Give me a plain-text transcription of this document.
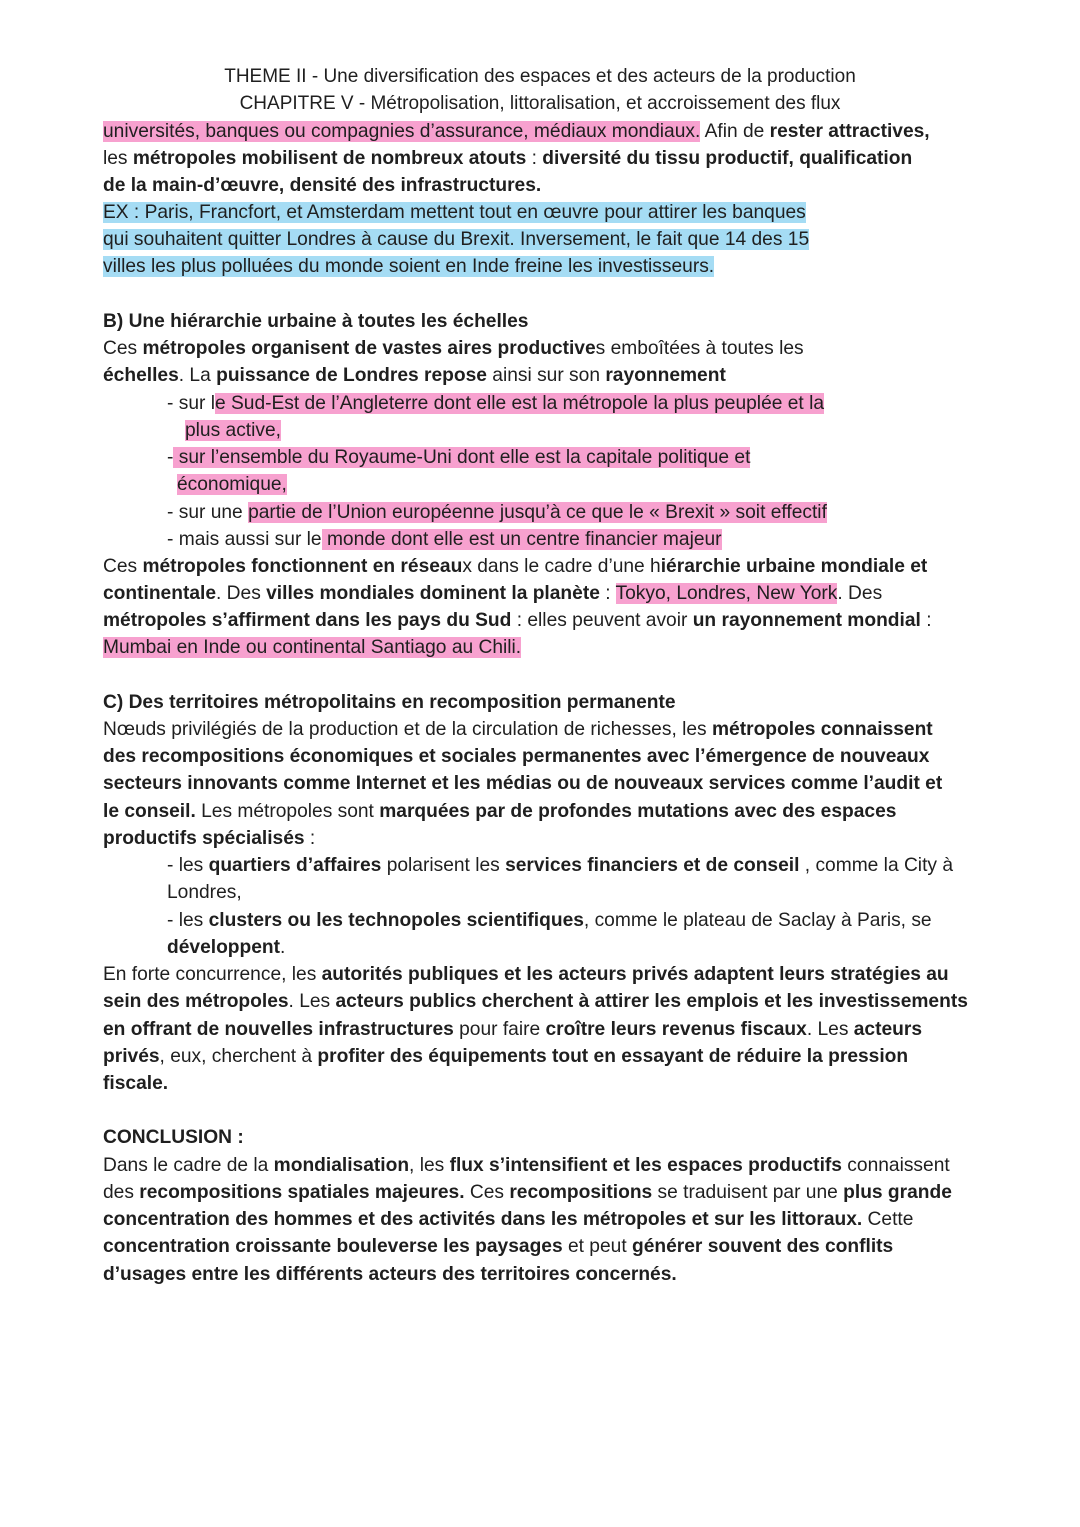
THEME II - Une diversification des espaces et des acteurs de la production
CHAPITRE V - Métropolisation, littoralisation, et accroissement des flux
universités, banques ou compagnies d’assurance, médiaux mondiaux. Afin de rester attractives,
les métropoles mobilisent de nombreux atouts : diversité du tissu productif, qualification
de la main-d’œuvre, densité des infrastructures.
EX : Paris, Francfort, et Amsterdam mettent tout en œuvre pour attirer les banques
qui souhaitent quitter Londres à cause du Brexit. Inversement, le fait que 14 des 15
villes les plus polluées du monde soient en Inde freine les investisseurs.
B) Une hiérarchie urbaine à toutes les échelles
Ces métropoles organisent de vastes aires productives emboîtées à toutes les
échelles. La puissance de Londres repose ainsi sur son rayonnement
- sur le Sud-Est de l’Angleterre dont elle est la métropole la plus peuplée et la
plus active,
- sur l’ensemble du Royaume-Uni dont elle est la capitale politique et
économique,
- sur une partie de l’Union européenne jusqu’à ce que le « Brexit » soit effectif
- mais aussi sur le monde dont elle est un centre financier majeur
Ces métropoles fonctionnent en réseaux dans le cadre d’une hiérarchie urbaine mondiale et
continentale. Des villes mondiales dominent la planète : Tokyo, Londres, New York. Des
métropoles s’affirment dans les pays du Sud : elles peuvent avoir un rayonnement mondial :
Mumbai en Inde ou continental Santiago au Chili.
C) Des territoires métropolitains en recomposition permanente
Nœuds privilégiés de la production et de la circulation de richesses, les métropoles connaissent
des recompositions économiques et sociales permanentes avec l’émergence de nouveaux
secteurs innovants comme Internet et les médias ou de nouveaux services comme l’audit et
le conseil. Les métropoles sont marquées par de profondes mutations avec des espaces
productifs spécialisés :
- les quartiers d’affaires polarisent les services financiers et de conseil , comme la City à
Londres,
- les clusters ou les technopoles scientifiques, comme le plateau de Saclay à Paris, se
développent.
En forte concurrence, les autorités publiques et les acteurs privés adaptent leurs stratégies au
sein des métropoles. Les acteurs publics cherchent à attirer les emplois et les investissements
en offrant de nouvelles infrastructures pour faire croître leurs revenus fiscaux. Les acteurs
privés, eux, cherchent à profiter des équipements tout en essayant de réduire la pression
fiscale.
CONCLUSION :
Dans le cadre de la mondialisation, les flux s’intensifient et les espaces productifs connaissent
des recompositions spatiales majeures. Ces recompositions se traduisent par une plus grande
concentration des hommes et des activités dans les métropoles et sur les littoraux. Cette
concentration croissante bouleverse les paysages et peut générer souvent des conflits
d’usages entre les différents acteurs des territoires concernés.
